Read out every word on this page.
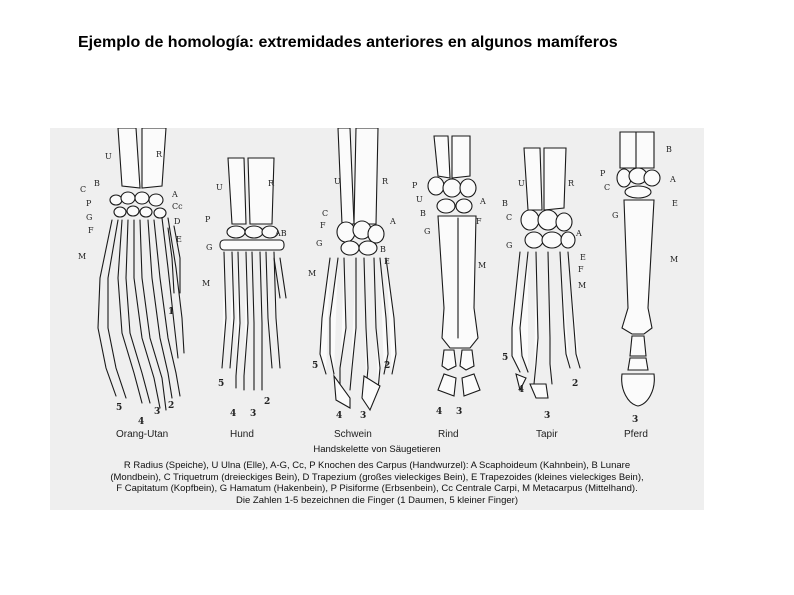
Ejemplo de homología: extremidades anteriores en algunos mamíferos
U	R
C
B
P
G
F
M
A
Cc
D
E
1
5
4
3
2
U	R
P
AB
G
M
5
4 3
2
U	R
C
F
G
M
A
B
E
5
4 3
2
P
U
B
G
A
F
M
4 3
U	R
B
C
G
A
E
F
M
5
4
3
2
B
P
C
G
A
E
M
3
Orang-Utan	Hund	Schwein	Rind	Tapir	Pferd
Handskelette von Säugetieren
R Radius (Speiche), U Ulna (Elle), A-G, Cc, P Knochen des Carpus (Handwurzel): A Scaphoideum (Kahnbein), B Lunare
(Mondbein), C Triquetrum (dreieckiges Bein), D Trapezium (großes vieleckiges Bein), E Trapezoides (kleines vieleckiges Bein),
F Capitatum (Kopfbein), G Hamatum (Hakenbein), P Pisiforme (Erbsenbein), Cc Centrale Carpi, M Metacarpus (Mittelhand).
Die Zahlen 1-5 bezeichnen die Finger (1 Daumen, 5 kleiner Finger)
